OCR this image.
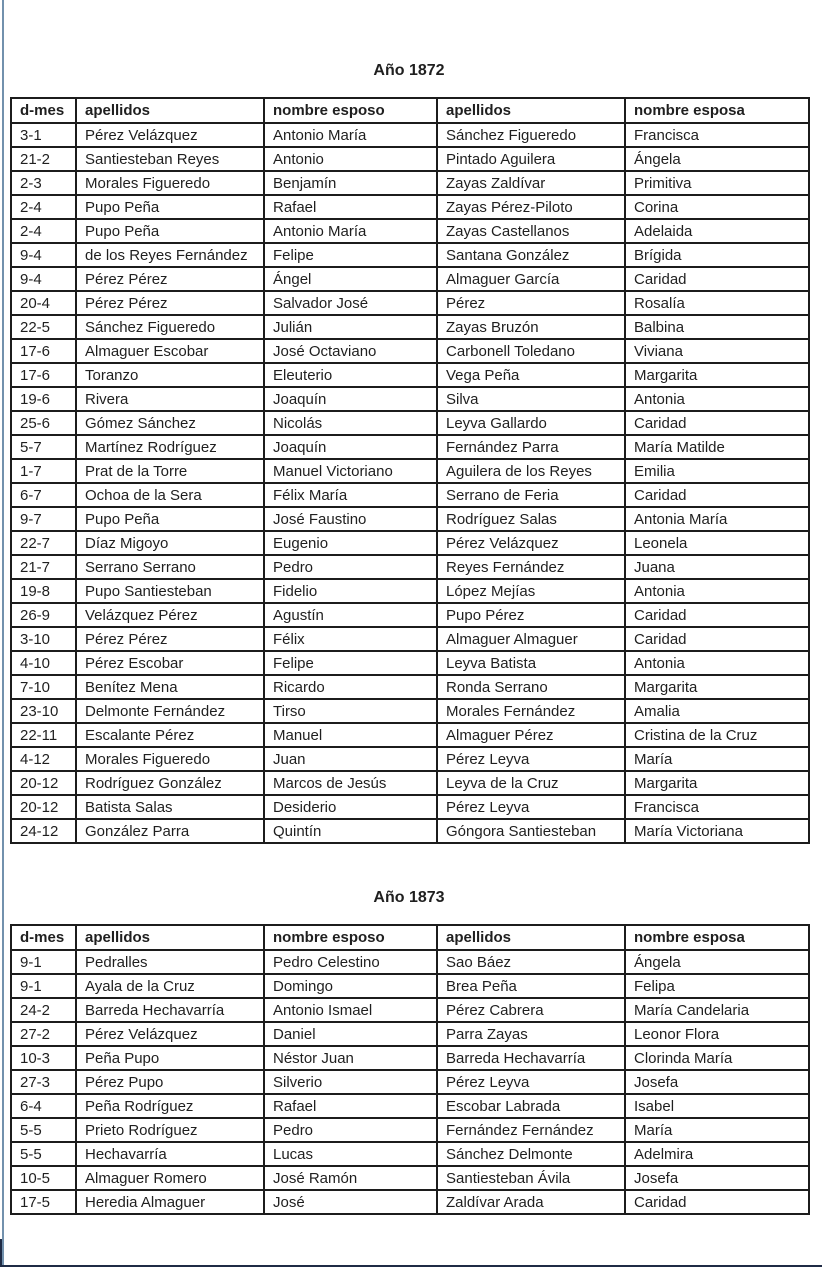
Año 1872
d-mes	apellidos	nombre esposo	apellidos	nombre esposa
3-1	Pérez Velázquez	Antonio María	Sánchez Figueredo	Francisca
21-2	Santiesteban Reyes	Antonio	Pintado Aguilera	Ángela
2-3	Morales Figueredo	Benjamín	Zayas Zaldívar	Primitiva
2-4	Pupo Peña	Rafael	Zayas Pérez-Piloto	Corina
2-4	Pupo Peña	Antonio María	Zayas Castellanos	Adelaida
9-4	de los Reyes Fernández	Felipe	Santana González	Brígida
9-4	Pérez Pérez	Ángel	Almaguer García	Caridad
20-4	Pérez Pérez	Salvador José	Pérez	Rosalía
22-5	Sánchez Figueredo	Julián	Zayas Bruzón	Balbina
17-6	Almaguer Escobar	José Octaviano	Carbonell Toledano	Viviana
17-6	Toranzo	Eleuterio	Vega Peña	Margarita
19-6	Rivera	Joaquín	Silva	Antonia
25-6	Gómez Sánchez	Nicolás	Leyva Gallardo	Caridad
5-7	Martínez Rodríguez	Joaquín	Fernández Parra	María Matilde
1-7	Prat de la Torre	Manuel Victoriano	Aguilera de los Reyes	Emilia
6-7	Ochoa de la Sera	Félix María	Serrano de Feria	Caridad
9-7	Pupo Peña	José Faustino	Rodríguez Salas	Antonia María
22-7	Díaz Migoyo	Eugenio	Pérez Velázquez	Leonela
21-7	Serrano Serrano	Pedro	Reyes Fernández	Juana
19-8	Pupo Santiesteban	Fidelio	López Mejías	Antonia
26-9	Velázquez Pérez	Agustín	Pupo Pérez	Caridad
3-10	Pérez Pérez	Félix	Almaguer Almaguer	Caridad
4-10	Pérez Escobar	Felipe	Leyva Batista	Antonia
7-10	Benítez Mena	Ricardo	Ronda Serrano	Margarita
23-10	Delmonte Fernández	Tirso	Morales Fernández	Amalia
22-11	Escalante Pérez	Manuel	Almaguer Pérez	Cristina de la Cruz
4-12	Morales Figueredo	Juan	Pérez Leyva	María
20-12	Rodríguez González	Marcos de Jesús	Leyva de la Cruz	Margarita
20-12	Batista Salas	Desiderio	Pérez Leyva	Francisca
24-12	González Parra	Quintín	Góngora Santiesteban	María Victoriana
Año 1873
d-mes	apellidos	nombre esposo	apellidos	nombre esposa
9-1	Pedralles	Pedro Celestino	Sao Báez	Ángela
9-1	Ayala de la Cruz	Domingo	Brea Peña	Felipa
24-2	Barreda Hechavarría	Antonio Ismael	Pérez Cabrera	María Candelaria
27-2	Pérez Velázquez	Daniel	Parra Zayas	Leonor Flora
10-3	Peña Pupo	Néstor Juan	Barreda Hechavarría	Clorinda María
27-3	Pérez Pupo	Silverio	Pérez Leyva	Josefa
6-4	Peña Rodríguez	Rafael	Escobar Labrada	Isabel
5-5	Prieto Rodríguez	Pedro	Fernández Fernández	María
5-5	Hechavarría	Lucas	Sánchez Delmonte	Adelmira
10-5	Almaguer Romero	José Ramón	Santiesteban Ávila	Josefa
17-5	Heredia Almaguer	José	Zaldívar Arada	Caridad
